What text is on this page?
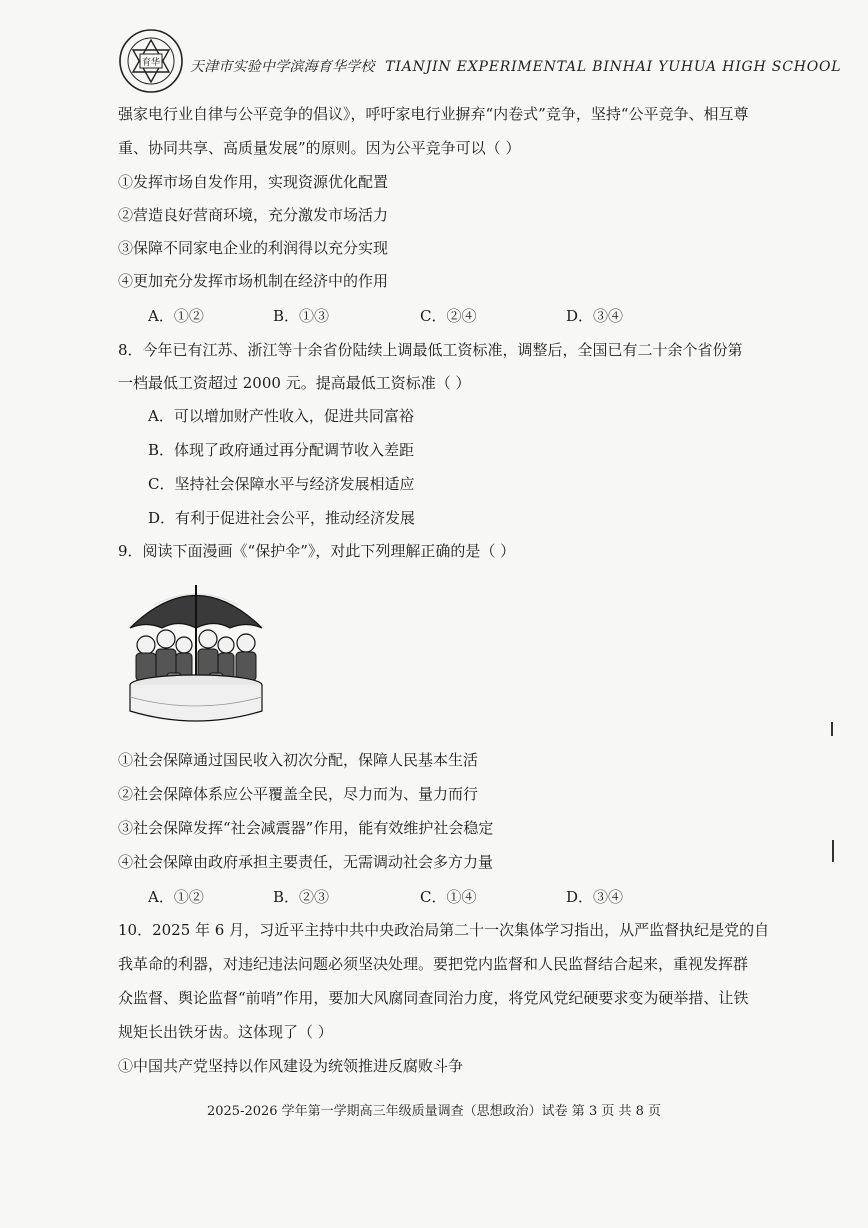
育华 天津市实验中学滨海育华学校 TIANJIN EXPERIMENTAL BINHAI YUHUA HIGH SCHOOL
强家电行业自律与公平竞争的倡议》，呼吁家电行业摒弃“内卷式”竞争，坚持“公平竞争、相互尊
重、协同共享、高质量发展”的原则。因为公平竞争可以（ ）
①发挥市场自发作用，实现资源优化配置
②营造良好营商环境，充分激发市场活力
③保障不同家电企业的利润得以充分实现
④更加充分发挥市场机制在经济中的作用
A．①②	B．①③	C．②④	D．③④
8．今年已有江苏、浙江等十余省份陆续上调最低工资标准，调整后，全国已有二十余个省份第
一档最低工资超过 2000 元。提高最低工资标准（ ）
A．可以增加财产性收入，促进共同富裕
B．体现了政府通过再分配调节收入差距
C．坚持社会保障水平与经济发展相适应
D．有利于促进社会公平，推动经济发展
9．阅读下面漫画《“保护伞”》，对此下列理解正确的是（ ）
①社会保障通过国民收入初次分配，保障人民基本生活
②社会保障体系应公平覆盖全民，尽力而为、量力而行
③社会保障发挥“社会减震器”作用，能有效维护社会稳定
④社会保障由政府承担主要责任，无需调动社会多方力量
A．①②	B．②③	C．①④	D．③④
10．2025 年 6 月，习近平主持中共中央政治局第二十一次集体学习指出，从严监督执纪是党的自
我革命的利器，对违纪违法问题必须坚决处理。要把党内监督和人民监督结合起来，重视发挥群
众监督、舆论监督“前哨”作用，要加大风腐同查同治力度，将党风党纪硬要求变为硬举措、让铁
规矩长出铁牙齿。这体现了（ ）
①中国共产党坚持以作风建设为统领推进反腐败斗争
2025-2026 学年第一学期高三年级质量调查（思想政治）试卷 第 3 页 共 8 页
